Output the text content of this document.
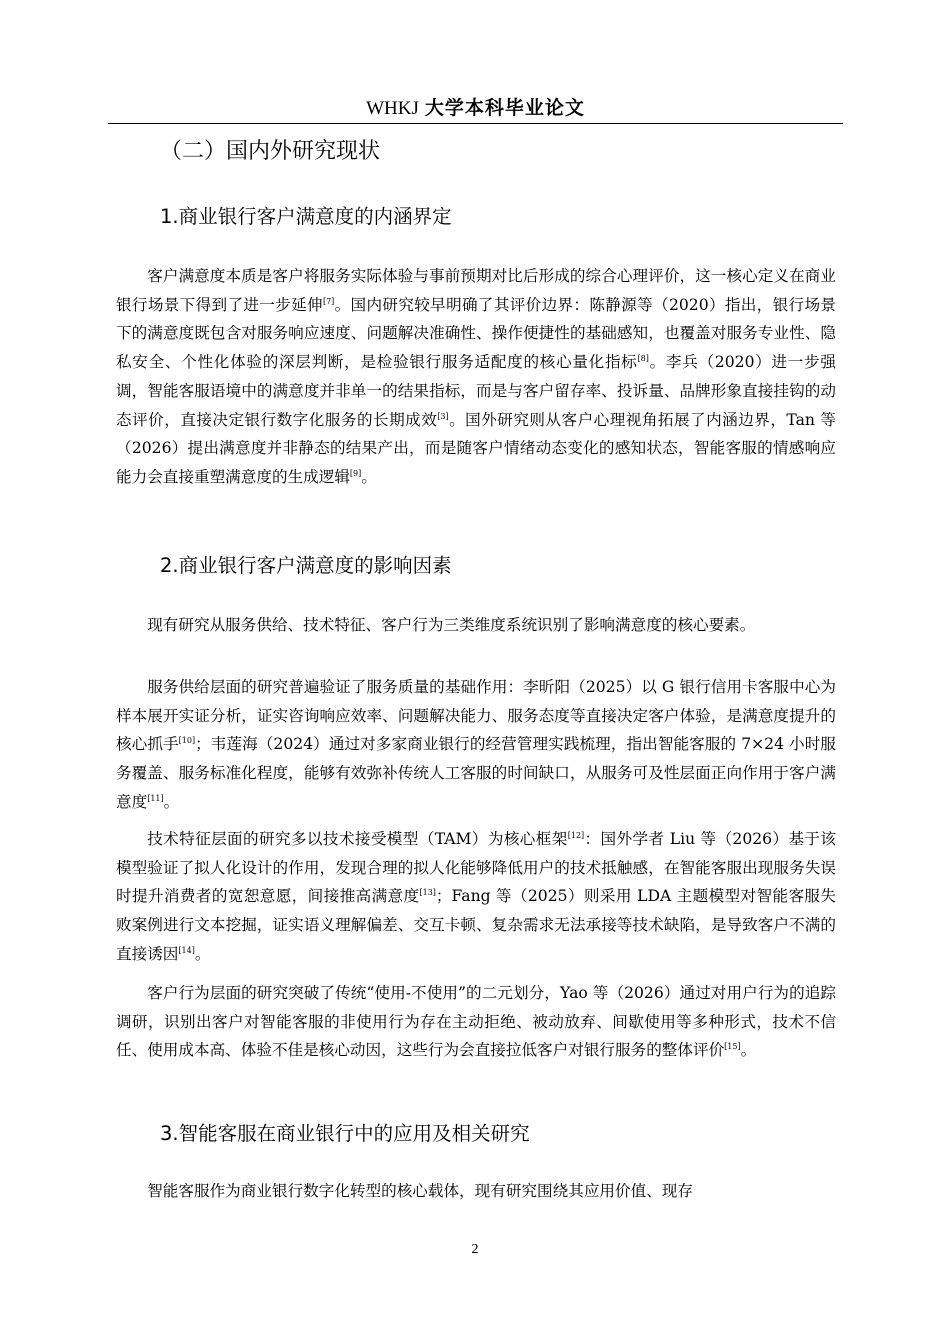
WHKJ 大学本科毕业论文
（二）国内外研究现状
1.商业银行客户满意度的内涵界定

客户满意度本质是客户将服务实际体验与事前预期对比后形成的综合心理评价，这一核心定义在商业银行场景下得到了进一步延伸[7]。国内研究较早明确了其评价边界：陈静源等（2020）指出，银行场景下的满意度既包含对服务响应速度、问题解决准确性、操作便捷性的基础感知，也覆盖对服务专业性、隐私安全、个性化体验的深层判断，是检验银行服务适配度的核心量化指标[8]。李兵（2020）进一步强调，智能客服语境中的满意度并非单一的结果指标，而是与客户留存率、投诉量、品牌形象直接挂钩的动态评价，直接决定银行数字化服务的长期成效[3]。国外研究则从客户心理视角拓展了内涵边界，Tan 等（2026）提出满意度并非静态的结果产出，而是随客户情绪动态变化的感知状态，智能客服的情感响应能力会直接重塑满意度的生成逻辑[9]。

2.商业银行客户满意度的影响因素

现有研究从服务供给、技术特征、客户行为三类维度系统识别了影响满意度的核心要素。

服务供给层面的研究普遍验证了服务质量的基础作用：李昕阳（2025）以 G 银行信用卡客服中心为样本展开实证分析，证实咨询响应效率、问题解决能力、服务态度等直接决定客户体验，是满意度提升的核心抓手[10]；韦莲海（2024）通过对多家商业银行的经营管理实践梳理，指出智能客服的 7×24 小时服务覆盖、服务标准化程度，能够有效弥补传统人工客服的时间缺口，从服务可及性层面正向作用于客户满意度[11]。

技术特征层面的研究多以技术接受模型（TAM）为核心框架[12]：国外学者 Liu 等（2026）基于该模型验证了拟人化设计的作用，发现合理的拟人化能够降低用户的技术抵触感，在智能客服出现服务失误时提升消费者的宽恕意愿，间接推高满意度[13]；Fang 等（2025）则采用 LDA 主题模型对智能客服失败案例进行文本挖掘，证实语义理解偏差、交互卡顿、复杂需求无法承接等技术缺陷，是导致客户不满的直接诱因[14]。

客户行为层面的研究突破了传统“使用-不使用”的二元划分，Yao 等（2026）通过对用户行为的追踪调研，识别出客户对智能客服的非使用行为存在主动拒绝、被动放弃、间歇使用等多种形式，技术不信任、使用成本高、体验不佳是核心动因，这些行为会直接拉低客户对银行服务的整体评价[15]。

3.智能客服在商业银行中的应用及相关研究

智能客服作为商业银行数字化转型的核心载体，现有研究围绕其应用价值、现存

2
